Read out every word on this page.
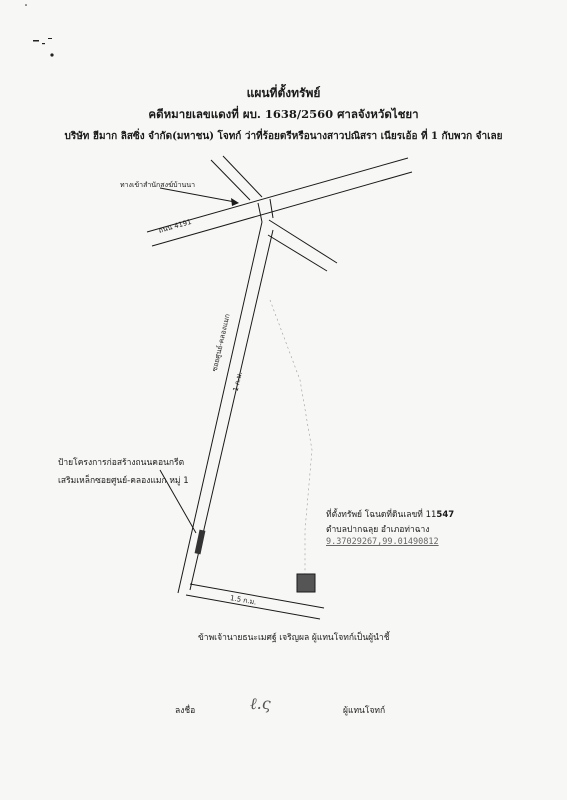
แผนที่ตั้งทรัพย์
คดีหมายเลขแดงที่ ผบ. 1638/2560 ศาลจังหวัดไชยา
บริษัท ฮีมาก ลิสซิ่ง จำกัด(มหาชน) โจทก์ ว่าที่ร้อยตรีหรือนางสาวปณิสรา เนียรเอ้อ ที่ 1 กับพวก จำเลย
ทางเข้าสำนักสงฆ์บ้านนา
ถนน 4191
ซอยศูนย์-คลองแมก
1 ก.ม.
1.5 ก.ม.
ป้ายโครงการก่อสร้างถนนคอนกรีต
เสริมเหล็กซอยศูนย์-คลองแมก หมู่ 1
ที่ตั้งทรัพย์ โฉนดที่ดินเลขที่ 11547
ตำบลปากฉลุย อำเภอท่าฉาง
9.37029267,99.01490812
ข้าพเจ้านายธนะเมศฐ์ เจริญผล ผู้แทนโจทก์เป็นผู้นำชี้
ลงชื่อ	ℓ.ς	ผู้แทนโจทก์
